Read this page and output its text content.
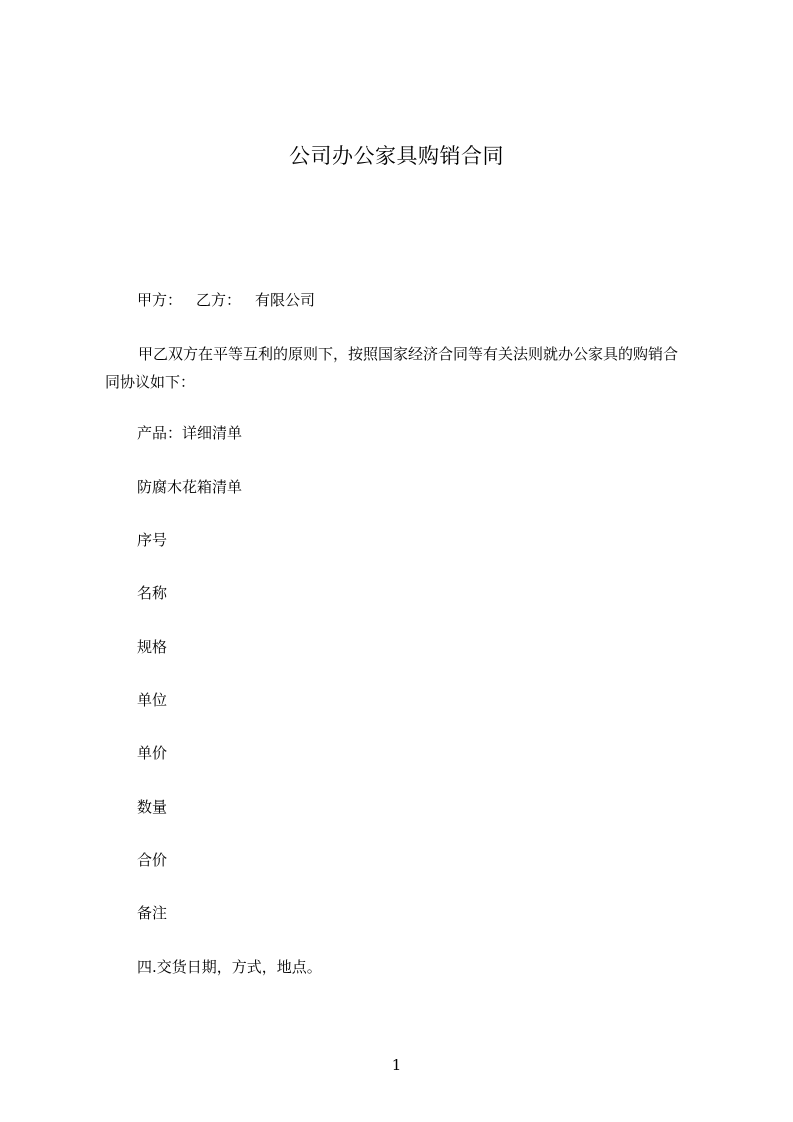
公司办公家具购销合同

甲方： 乙方： 有限公司

甲乙双方在平等互利的原则下，按照国家经济合同等有关法则就办公家具的购销合同协议如下：

产品：详细清单

防腐木花箱清单

序号

名称

规格

单位

单价

数量

合价

备注

四.交货日期，方式，地点。

1
